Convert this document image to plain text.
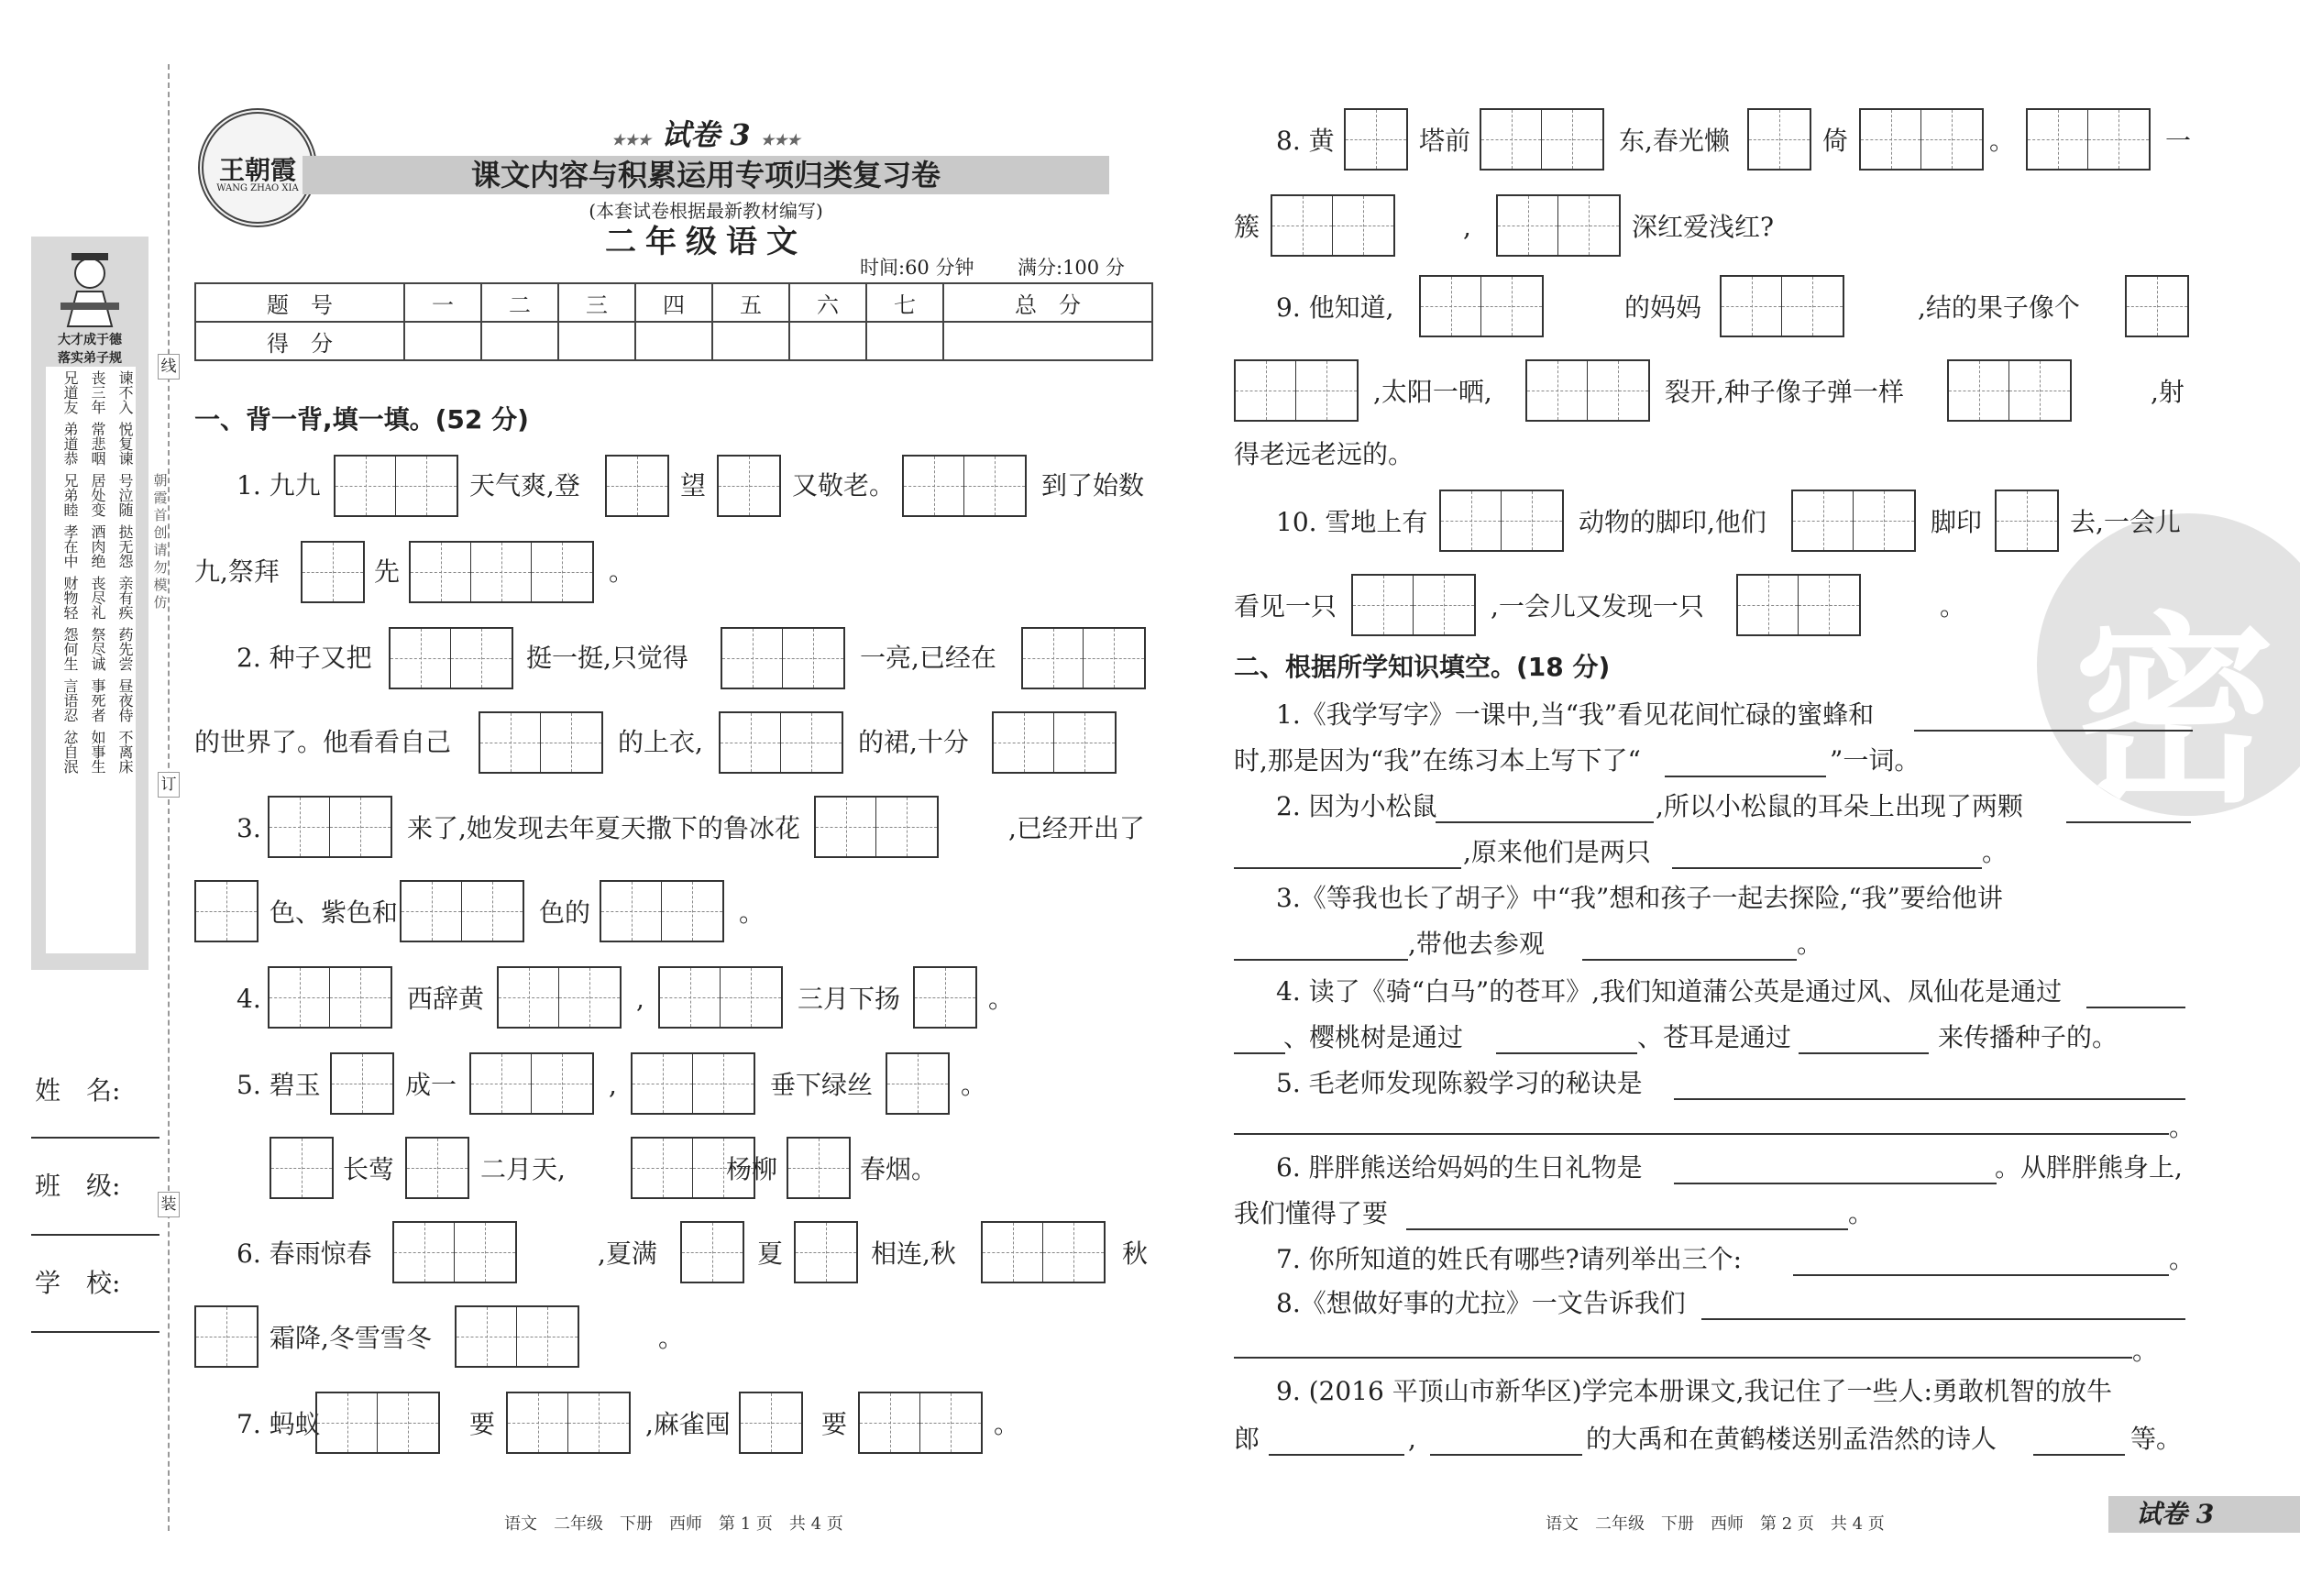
线
订
装
朝霞首创 请勿模仿
大才成于德
落实弟子规
兄道友 丧三年 谏不入
弟道恭 常悲咽 悦复谏
兄弟睦 居处变 号泣随
孝在中 酒肉绝 挞无怨
财物轻 丧尽礼 亲有疾
怨何生 祭尽诚 药先尝
言语忍 事死者 昼夜侍
忿自泯 如事生 不离床
姓　名:
班　级:
学　校:
王朝霞
WANG ZHAO XIA
★★★ 试卷 3 ★★★
课文内容与积累运用专项归类复习卷
(本套试卷根据最新教材编写)
二年级语文
时间:60 分钟 满分:100 分
题　号	一	二	三	四	五	六	七	总　分
得　分								
一、背一背,填一填。(52 分)
1. 九九	天气爽,登	望	又敬老。	到了始数
九,祭拜	先	。
2. 种子又把	挺一挺,只觉得	一亮,已经在
的世界了。他看看自己	的上衣,	的裙,十分
3.	来了,她发现去年夏天撒下的鲁冰花	,已经开出了
色、紫色和	色的	。
4.	西辞黄	,	三月下扬	。
5. 碧玉	成一	,	垂下绿丝	。
长莺	二月天,	杨柳	春烟。
6. 春雨惊春	,夏满	夏	相连,秋	秋
霜降,冬雪雪冬	。
7. 蚂蚁	要	,麻雀囤	要	。
语文　二年级　下册　西师　第 1 页　共 4 页
密
8. 黄	塔前	东,春光懒	倚	。	一
簇	,	深红爱浅红?
9. 他知道,	的妈妈	,结的果子像个
,太阳一晒,	裂开,种子像子弹一样	,射
得老远老远的。
10. 雪地上有	动物的脚印,他们	脚印	去,一会儿
看见一只	,一会儿又发现一只	。
二、根据所学知识填空。(18 分)
1.《我学写字》一课中,当“我”看见花间忙碌的蜜蜂和
时,那是因为“我”在练习本上写下了“	”一词。
2. 因为小松鼠	,所以小松鼠的耳朵上出现了两颗
,原来他们是两只	。
3.《等我也长了胡子》中“我”想和孩子一起去探险,“我”要给他讲
,带他去参观	。
4. 读了《骑“白马”的苍耳》,我们知道蒲公英是通过风、凤仙花是通过
、樱桃树是通过	、苍耳是通过	来传播种子的。
5. 毛老师发现陈毅学习的秘诀是
。
6. 胖胖熊送给妈妈的生日礼物是	。从胖胖熊身上,
我们懂得了要	。
7. 你所知道的姓氏有哪些?请列举出三个:	。
8.《想做好事的尤拉》一文告诉我们
。
9. (2016 平顶山市新华区)学完本册课文,我记住了一些人:勇敢机智的放牛
郎	,	的大禹和在黄鹤楼送别孟浩然的诗人	等。
语文　二年级　下册　西师　第 2 页　共 4 页	试卷 3
